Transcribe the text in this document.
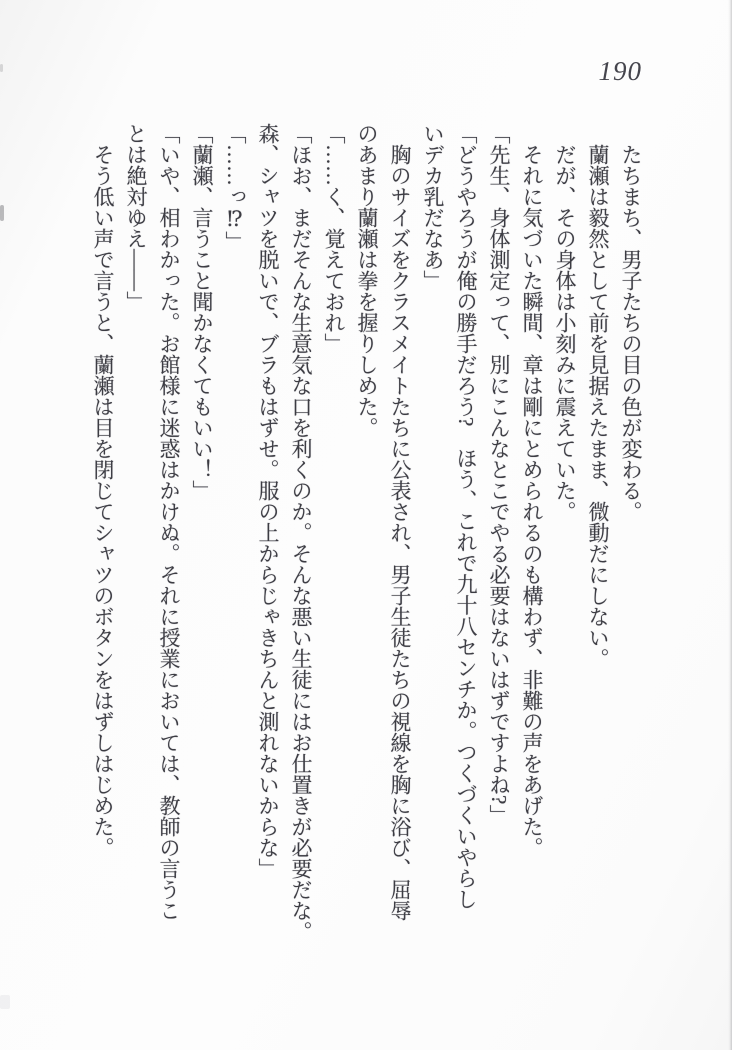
190
たちまち、男子たちの目の色が変わる。
蘭瀬は毅然として前を見据えたまま、微動だにしない。
だが、その身体は小刻みに震えていた。
それに気づいた瞬間、章は剛にとめられるのも構わず、非難の声をあげた。
「先生、身体測定って、別にこんなとこでやる必要はないはずですよね?」
「どうやろうが俺の勝手だろう?　ほう、これで九十八センチか。つくづくいやらし
いデカ乳だなあ」
胸のサイズをクラスメイトたちに公表され、男子生徒たちの視線を胸に浴び、屈辱
のあまり蘭瀬は拳を握りしめた。
「……く、覚えておれ」
「ほお、まだそんな生意気な口を利くのか。そんな悪い生徒にはお仕置きが必要だな。
森、シャツを脱いで、ブラもはずせ。服の上からじゃきちんと測れないからな」
「……っ⁉」
「蘭瀬、言うこと聞かなくてもいい！」
「いや、相わかった。お館様に迷惑はかけぬ。それに授業においては、教師の言うこ
とは絶対ゆえ——」
そう低い声で言うと、蘭瀬は目を閉じてシャツのボタンをはずしはじめた。
